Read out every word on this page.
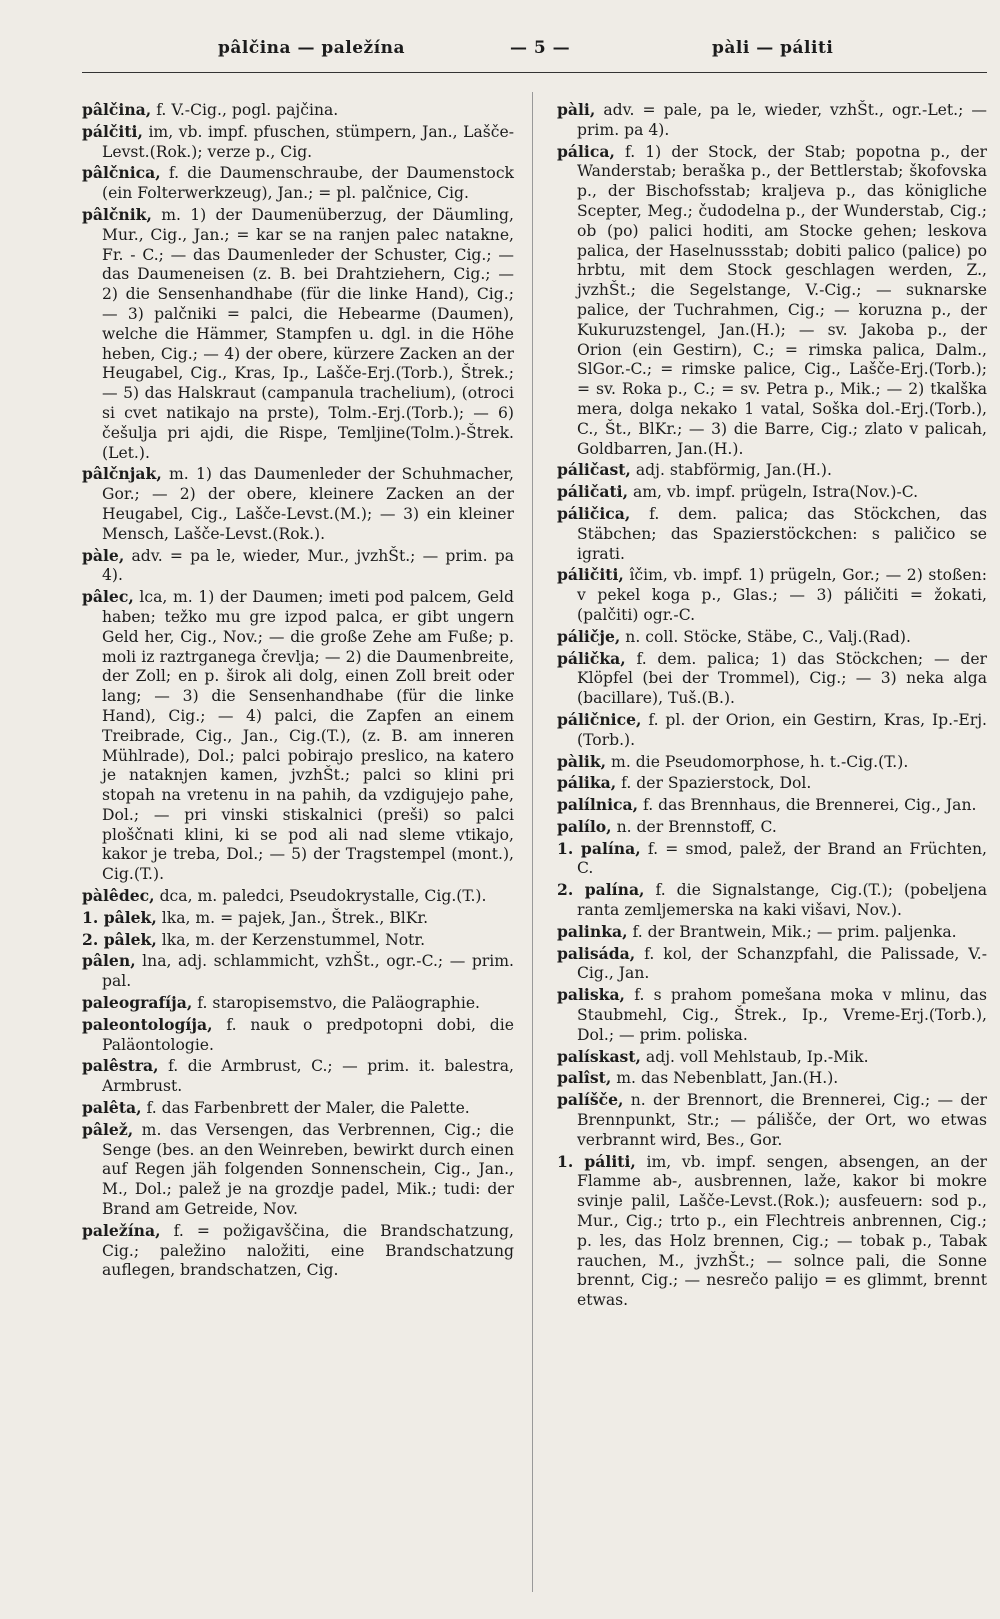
pâlčina — paležína	— 5 —	pàli — páliti

pâlčina, f. V.-Cig., pogl. pajčina.

pálčiti, im, vb. impf. pfuschen, stümpern, Jan., Lašče-Levst.(Rok.); verze p., Cig.

pâlčnica, f. die Daumenschraube, der Daumenstock (ein Folterwerkzeug), Jan.; = pl. palčnice, Cig.

pâlčnik, m. 1) der Daumenüberzug, der Däumling, Mur., Cig., Jan.; = kar se na ranjen palec natakne, Fr. - C.; — das Daumenleder der Schuster, Cig.; — das Daumeneisen (z. B. bei Drahtziehern, Cig.; — 2) die Sensenhandhabe (für die linke Hand), Cig.; — 3) palčniki = palci, die Hebearme (Daumen), welche die Hämmer, Stampfen u. dgl. in die Höhe heben, Cig.; — 4) der obere, kürzere Zacken an der Heugabel, Cig., Kras, Ip., Lašče-Erj.(Torb.), Štrek.; — 5) das Halskraut (campanula trachelium), (otroci si cvet natikajo na prste), Tolm.-Erj.(Torb.); — 6) češulja pri ajdi, die Rispe, Temljine(Tolm.)-Štrek.(Let.).

pâlčnjak, m. 1) das Daumenleder der Schuhmacher, Gor.; — 2) der obere, kleinere Zacken an der Heugabel, Cig., Lašče-Levst.(M.); — 3) ein kleiner Mensch, Lašče-Levst.(Rok.).

pàle, adv. = pa le, wieder, Mur., jvzhŠt.; — prim. pa 4).

pâlec, lca, m. 1) der Daumen; imeti pod palcem, Geld haben; težko mu gre izpod palca, er gibt ungern Geld her, Cig., Nov.; — die große Zehe am Fuße; p. moli iz raztrganega črevlja; — 2) die Daumenbreite, der Zoll; en p. širok ali dolg, einen Zoll breit oder lang; — 3) die Sensenhandhabe (für die linke Hand), Cig.; — 4) palci, die Zapfen an einem Treibrade, Cig., Jan., Cig.(T.), (z. B. am inneren Mühlrade), Dol.; palci pobirajo preslico, na katero je nataknjen kamen, jvzhŠt.; palci so klini pri stopah na vretenu in na pahih, da vzdigujejo pahe, Dol.; — pri vinski stiskalnici (preši) so palci ploščnati klini, ki se pod ali nad sleme vtikajo, kakor je treba, Dol.; — 5) der Tragstempel (mont.), Cig.(T.).

pàlêdec, dca, m. paledci, Pseudokrystalle, Cig.(T.).

1. pâlek, lka, m. = pajek, Jan., Štrek., BlKr.

2. pâlek, lka, m. der Kerzenstummel, Notr.

pâlen, lna, adj. schlammicht, vzhŠt., ogr.-C.; — prim. pal.

paleografíja, f. staropisemstvo, die Paläographie.

paleontologíja, f. nauk o predpotopni dobi, die Paläontologie.

palêstra, f. die Armbrust, C.; — prim. it. balestra, Armbrust.

palêta, f. das Farbenbrett der Maler, die Palette.

pâlež, m. das Versengen, das Verbrennen, Cig.; die Senge (bes. an den Weinreben, bewirkt durch einen auf Regen jäh folgenden Sonnenschein, Cig., Jan., M., Dol.; palež je na grozdje padel, Mik.; tudi: der Brand am Getreide, Nov.

paležína, f. = požigavščina, die Brandschatzung, Cig.; paležino naložiti, eine Brandschatzung auflegen, brandschatzen, Cig.

pàli, adv. = pale, pa le, wieder, vzhŠt., ogr.-Let.; — prim. pa 4).

pálica, f. 1) der Stock, der Stab; popotna p., der Wanderstab; beraška p., der Bettlerstab; škofovska p., der Bischofsstab; kraljeva p., das königliche Scepter, Meg.; čudodelna p., der Wunderstab, Cig.; ob (po) palici hoditi, am Stocke gehen; leskova palica, der Haselnussstab; dobiti palico (palice) po hrbtu, mit dem Stock geschlagen werden, Z., jvzhŠt.; die Segelstange, V.-Cig.; — suknarske palice, der Tuchrahmen, Cig.; — koruzna p., der Kukuruzstengel, Jan.(H.); — sv. Jakoba p., der Orion (ein Gestirn), C.; = rimska palica, Dalm., SlGor.-C.; = rimske palice, Cig., Lašče-Erj.(Torb.); = sv. Roka p., C.; = sv. Petra p., Mik.; — 2) tkalška mera, dolga nekako 1 vatal, Soška dol.-Erj.(Torb.), C., Št., BlKr.; — 3) die Barre, Cig.; zlato v palicah, Goldbarren, Jan.(H.).

páličast, adj. stabförmig, Jan.(H.).

páličati, am, vb. impf. prügeln, Istra(Nov.)-C.

páličica, f. dem. palica; das Stöckchen, das Stäbchen; das Spazierstöckchen: s paličico se igrati.

páličiti, îčim, vb. impf. 1) prügeln, Gor.; — 2) stoßen: v pekel koga p., Glas.; — 3) páličiti = žokati, (palčiti) ogr.-C.

páličje, n. coll. Stöcke, Stäbe, C., Valj.(Rad).

pálička, f. dem. palica; 1) das Stöckchen; — der Klöpfel (bei der Trommel), Cig.; — 3) neka alga (bacillare), Tuš.(B.).

páličnice, f. pl. der Orion, ein Gestirn, Kras, Ip.-Erj.(Torb.).

pàlik, m. die Pseudomorphose, h. t.-Cig.(T.).

pálika, f. der Spazierstock, Dol.

palílnica, f. das Brennhaus, die Brennerei, Cig., Jan.

palílo, n. der Brennstoff, C.

1. palína, f. = smod, palež, der Brand an Früchten, C.

2. palína, f. die Signalstange, Cig.(T.); (pobeljena ranta zemljemerska na kaki višavi, Nov.).

palinka, f. der Brantwein, Mik.; — prim. paljenka.

palisáda, f. kol, der Schanzpfahl, die Palissade, V.-Cig., Jan.

paliska, f. s prahom pomešana moka v mlinu, das Staubmehl, Cig., Štrek., Ip., Vreme-Erj.(Torb.), Dol.; — prim. poliska.

palískast, adj. voll Mehlstaub, Ip.-Mik.

palîst, m. das Nebenblatt, Jan.(H.).

palíšče, n. der Brennort, die Brennerei, Cig.; — der Brennpunkt, Str.; — pálišče, der Ort, wo etwas verbrannt wird, Bes., Gor.

1. páliti, im, vb. impf. sengen, absengen, an der Flamme ab-, ausbrennen, laže, kakor bi mokre svinje palil, Lašče-Levst.(Rok.); ausfeuern: sod p., Mur., Cig.; trto p., ein Flechtreis anbrennen, Cig.; p. les, das Holz brennen, Cig.; — tobak p., Tabak rauchen, M., jvzhŠt.; — solnce pali, die Sonne brennt, Cig.; — nesrečo palijo = es glimmt, brennt etwas.
